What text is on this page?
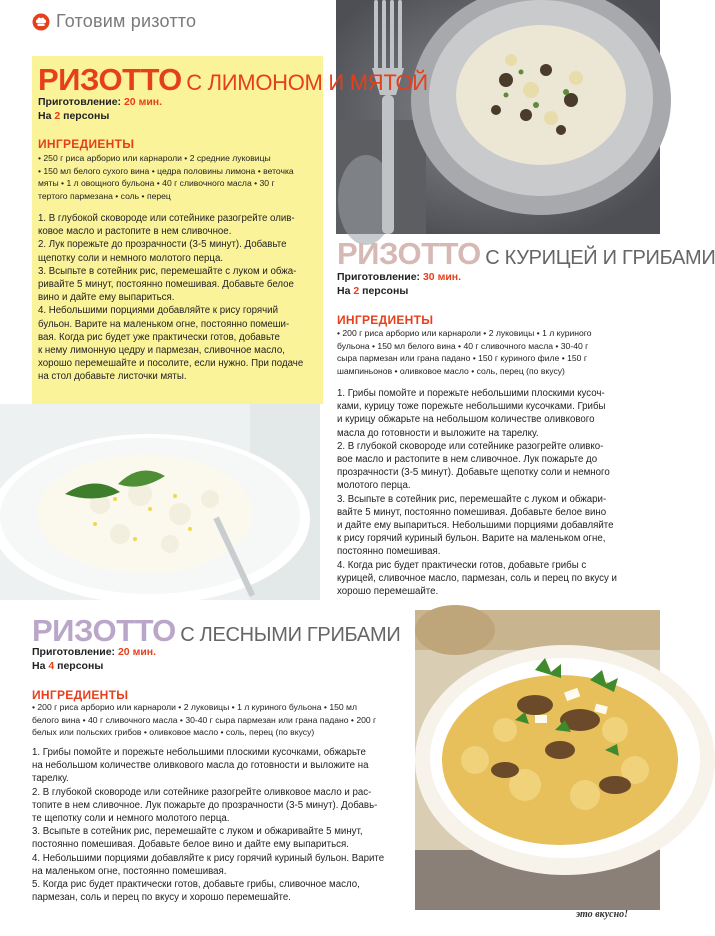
Готовим ризотто
РИЗОТТО С ЛИМОНОМ И МЯТОЙ
Приготовление: 20 мин.
На 2 персоны
ИНГРЕДИЕНТЫ
• 250 г риса арборио или карнароли • 2 средние луковицы
• 150 мл белого сухого вина • цедра половины лимона • веточка
мяты • 1 л овощного бульона • 40 г сливочного масла • 30 г
тертого пармезана • соль • перец

1. В глубокой сковороде или сотейнике разогрейте олив-

ковое масло и растопите в нем сливочное.

2. Лук порежьте до прозрачности (3-5 минут). Добавьте

щепотку соли и немного молотого перца.

3. Всыпьте в сотейник рис, перемешайте с луком и обжа-

ривайте 5 минут, постоянно помешивая. Добавьте белое

вино и дайте ему выпариться.

4. Небольшими порциями добавляйте к рису горячий

бульон. Варите на маленьком огне, постоянно помеши-

вая. Когда рис будет уже практически готов, добавьте

к нему лимонную цедру и пармезан, сливочное масло,

хорошо перемешайте и посолите, если нужно. При подаче

на стол добавьте листочки мяты.

РИЗОТТО С КУРИЦЕЙ И ГРИБАМИ
Приготовление: 30 мин.
На 2 персоны
ИНГРЕДИЕНТЫ
• 200 г риса арборио или карнароли • 2 луковицы • 1 л куриного
бульона • 150 мл белого вина • 40 г сливочного масла • 30-40 г
сыра пармезан или грана падано • 150 г куриного филе • 150 г
шампиньонов • оливковое масло • соль, перец (по вкусу)

1. Грибы помойте и порежьте небольшими плоскими кусоч-

ками, курицу тоже порежьте небольшими кусочками. Грибы

и курицу обжарьте на небольшом количестве оливкового

масла до готовности и выложите на тарелку.

2. В глубокой сковороде или сотейнике разогрейте оливко-

вое масло и растопите в нем сливочное. Лук пожарьте до

прозрачности (3-5 минут). Добавьте щепотку соли и немного

молотого перца.

3. Всыпьте в сотейник рис, перемешайте с луком и обжари-

вайте 5 минут, постоянно помешивая. Добавьте белое вино

и дайте ему выпариться. Небольшими порциями добавляйте

к рису горячий куриный бульон. Варите на маленьком огне,

постоянно помешивая.

4. Когда рис будет практически готов, добавьте грибы с

курицей, сливочное масло, пармезан, соль и перец по вкусу и

хорошо перемешайте.

РИЗОТТО С ЛЕСНЫМИ ГРИБАМИ
Приготовление: 20 мин.
На 4 персоны
ИНГРЕДИЕНТЫ
• 200 г риса арборио или карнароли • 2 луковицы • 1 л куриного бульона • 150 мл
белого вина • 40 г сливочного масла • 30-40 г сыра пармезан или грана падано • 200 г
белых или польских грибов • оливковое масло • соль, перец (по вкусу)

1. Грибы помойте и порежьте небольшими плоскими кусочками, обжарьте

на небольшом количестве оливкового масла до готовности и выложите на

тарелку.

2. В глубокой сковороде или сотейнике разогрейте оливковое масло и рас-

топите в нем сливочное. Лук пожарьте до прозрачности (3-5 минут). Добавь-

те щепотку соли и немного молотого перца.

3. Всыпьте в сотейник рис, перемешайте с луком и обжаривайте 5 минут,

постоянно помешивая. Добавьте белое вино и дайте ему выпариться.

4. Небольшими порциями добавляйте к рису горячий куриный бульон. Варите

на маленьком огне, постоянно помешивая.

5. Когда рис будет практически готов, добавьте грибы, сливочное масло,

пармезан, соль и перец по вкусу и хорошо перемешайте.

это вкусно!
